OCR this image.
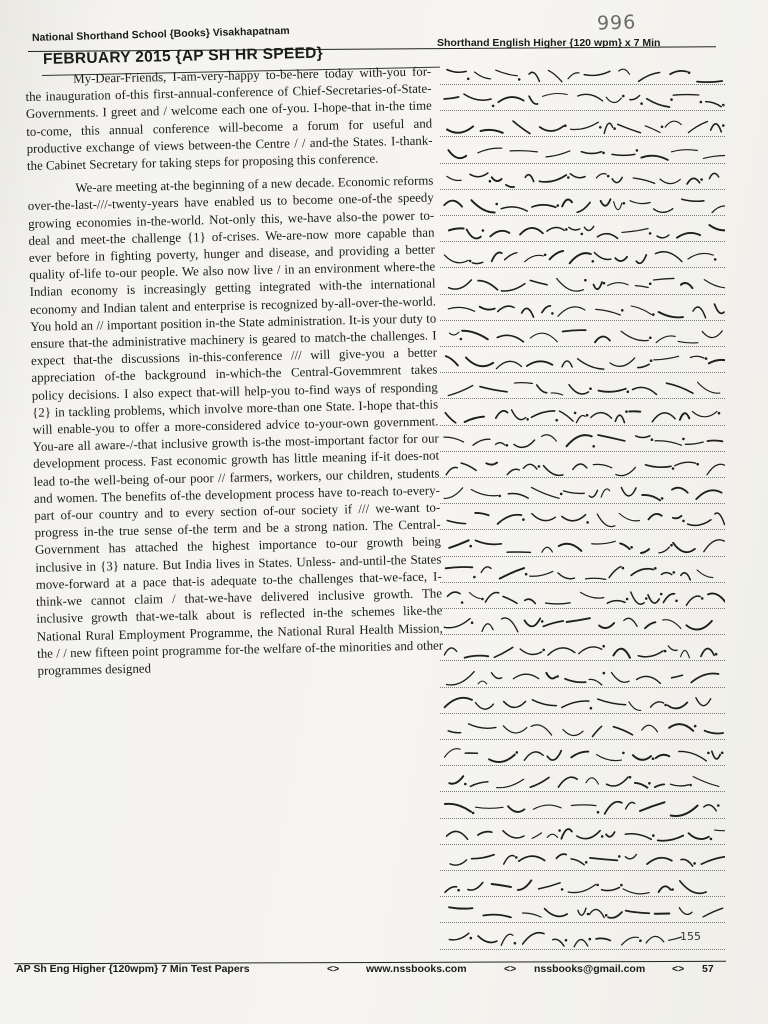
996
National Shorthand School {Books} Visakhapatnam	Shorthand English Higher {120 wpm} x 7 Min
FEBRUARY 2015 {AP SH HR SPEED}

My-Dear-Friends, I-am-very-happy to-be-here today with-you for-the inauguration of-this first-annual-conference of Chief-Secretaries-of-State-Governments. I greet and / welcome each one of-you. I-hope-that in-the time to-come, this annual conference will-become a forum for useful and productive exchange of views between-the Centre / / and-the States. I-thank-the Cabinet Secretary for taking steps for proposing this conference.

We-are meeting at-the beginning of a new decade. Economic reforms over-the-last-///-twenty-years have enabled us to become one-of-the speedy growing economies in-the-world. Not-only this, we-have also-the power to-deal and meet-the challenge {1} of-crises. We-are-now more capable than ever before in fighting poverty, hunger and disease, and providing a better quality of-life to-our people. We also now live / in an environment where-the Indian economy is increasingly getting integrated with-the international economy and Indian talent and enterprise is recognized by-all-over-the-world. You hold an // important position in-the State administration. It-is your duty to ensure that-the administrative machinery is geared to match-the challenges. I expect that-the discussions in-this-conference /// will give-you a better appreciation of-the background in-which-the Central-Govemmrent takes policy decisions. I also expect that-will help-you to-find ways of responding {2} in tackling problems, which involve more-than one State. I-hope that-this will enable-you to offer a more-considered advice to-your-own government. You-are all aware-/-that inclusive growth is-the most-important factor for our development process. Fast economic growth has little meaning if-it does-not lead to-the well-being of-our poor // farmers, workers, our children, students and women. The benefits of-the development process have to-reach to-every-part of-our country and to every section of-our society if /// we-want to-progress in-the true sense of-the term and be a strong nation. The Central-Government has attached the highest importance to-our growth being inclusive in {3} nature. But India lives in States. Unless- and-until-the States move-forward at a pace that-is adequate to-the challenges that-we-face, I-think-we cannot claim / that-we-have delivered inclusive growth. The inclusive growth that-we-talk about is reflected in-the schemes like-the National Rural Employment Programme, the National Rural Health Mission, the / / new fifteen point programme for-the welfare of-the minorities and other programmes designed

155
AP Sh Eng Higher {120wpm} 7 Min Test Papers	<>	www.nssbooks.com	<> nssbooks@gmail.com	<> 57
